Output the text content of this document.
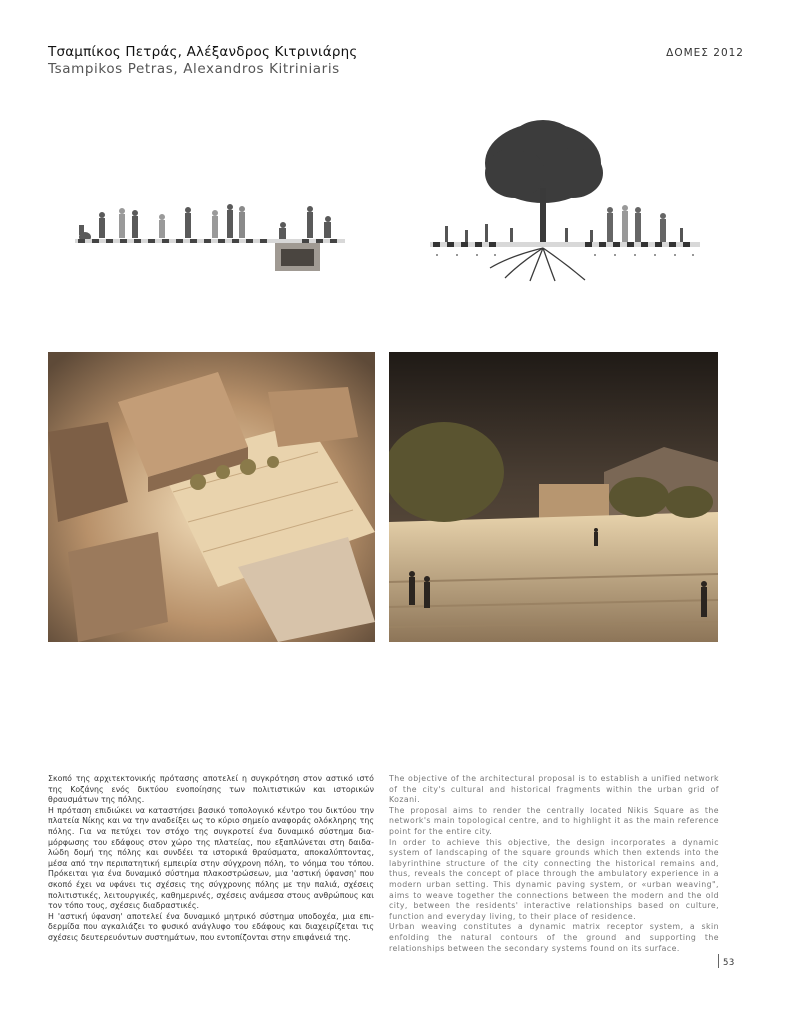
Τσαμπίκος Πετράς, Αλέξανδρος Κιτρινιάρης
Tsampikos Petras, Alexandros Kitriniaris
ΔΟΜΕΣ 2012

Σκοπό της αρχιτεκτονικής πρότασης αποτελεί η συγκρότηση στον αστικό ιστό της Κοζάνης ενός δικτύου ενοποίησης των πολιτιστικών και ιστορικών θραυσμάτων της πόλης.

Η πρόταση επιδιώκει να καταστήσει βασικό τοπολογικό κέντρο του δικτύου την πλατεία Νίκης και να την αναδείξει ως το κύριο σημείο αναφοράς ολόκληρης της πόλης. Για να πετύχει τον στόχο της συγκροτεί ένα δυναμικό σύστημα δια-μόρφωσης του εδάφους στον χώρο της πλατείας, που εξαπλώνεται στη δαιδα-λώδη δομή της πόλης και συνδέει τα ιστορικά θραύσματα, αποκαλύπτοντας, μέσα από την περιπατητική εμπειρία στην σύγχρονη πόλη, το νόημα του τόπου. Πρόκειται για ένα δυναμικό σύστημα πλακοστρώσεων, μια 'αστική ύφανση' που σκοπό έχει να υφάνει τις σχέσεις της σύγχρονης πόλης με την παλιά, σχέσεις πολιτιστικές, λειτουργικές, καθημερινές, σχέσεις ανάμεσα στους ανθρώπους και τον τόπο τους, σχέσεις διαδραστικές.

Η 'αστική ύφανση' αποτελεί ένα δυναμικό μητρικό σύστημα υποδοχέα, μια επι-δερμίδα που αγκαλιάζει το φυσικό ανάγλυφο του εδάφους και διαχειρίζεται τις σχέσεις δευτερευόντων συστημάτων, που εντοπίζονται στην επιφάνειά της.

The objective of the architectural proposal is to establish a unified network of the city's cultural and historical fragments within the urban grid of Kozani.

The proposal aims to render the centrally located Nikis Square as the network's main topological centre, and to highlight it as the main reference point for the entire city.

In order to achieve this objective, the design incorporates a dynamic system of landscaping of the square grounds which then extends into the labyrinthine structure of the city connecting the historical remains and, thus, reveals the concept of place through the ambulatory experience in a modern urban setting. This dynamic paving system, or «urban weaving", aims to weave together the connections between the modern and the old city, between the residents' interactive relationships based on culture, function and everyday living, to their place of residence.

Urban weaving constitutes a dynamic matrix receptor system, a skin enfolding the natural contours of the ground and supporting the relationships between the secondary systems found on its surface.

53
